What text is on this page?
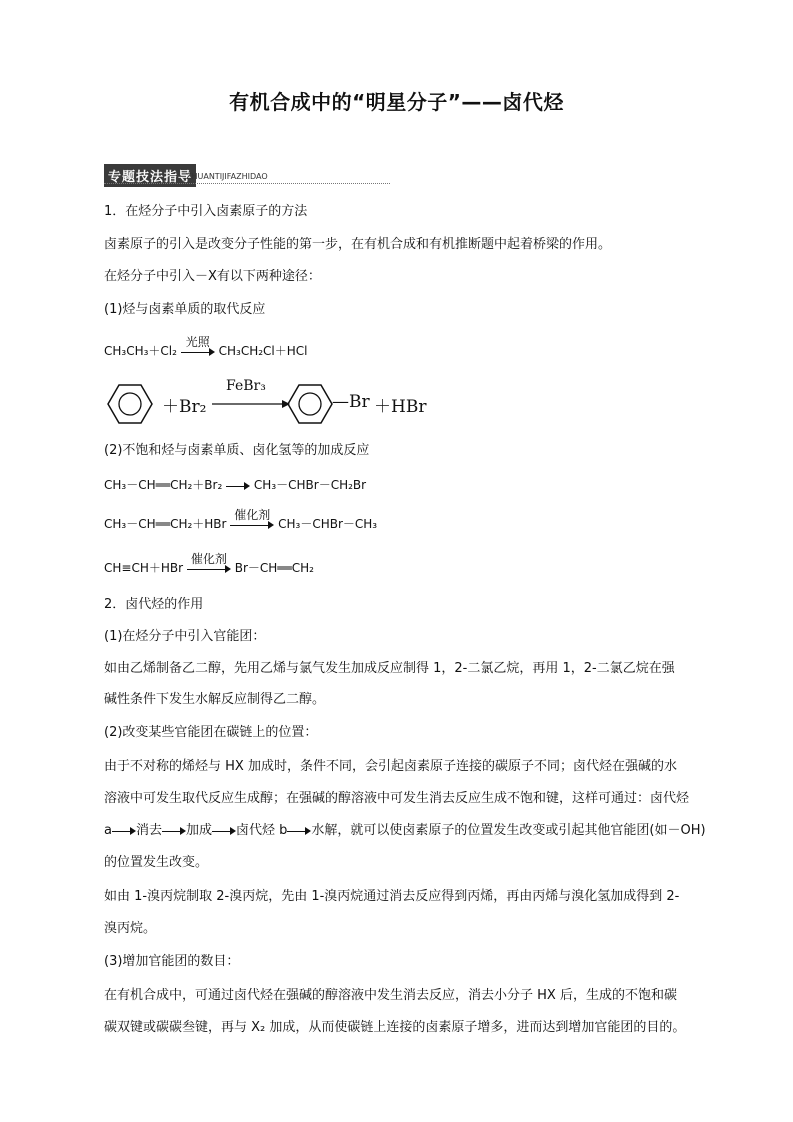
有机合成中的“明星分子”——卤代烃
专题技法指导
ZHUANTIJIFAZHIDAO
1．在烃分子中引入卤素原子的方法
卤素原子的引入是改变分子性能的第一步，在有机合成和有机推断题中起着桥梁的作用。
在烃分子中引入－X有以下两种途径：
(1)烃与卤素单质的取代反应
CH₃CH₃＋Cl₂
光照
CH₃CH₂Cl＋HCl
＋Br₂
FeBr₃
—Br ＋HBr
(2)不饱和烃与卤素单质、卤化氢等的加成反应
CH₃－CH══CH₂＋Br₂	CH₃－CHBr－CH₂Br
CH₃－CH══CH₂＋HBr
催化剂
CH₃－CHBr－CH₃
CH≡CH＋HBr
催化剂
Br－CH══CH₂
2．卤代烃的作用
(1)在烃分子中引入官能团：
如由乙烯制备乙二醇，先用乙烯与氯气发生加成反应制得 1，2-二氯乙烷，再用 1，2-二氯乙烷在强
碱性条件下发生水解反应制得乙二醇。
(2)改变某些官能团在碳链上的位置：
由于不对称的烯烃与 HX 加成时，条件不同，会引起卤素原子连接的碳原子不同；卤代烃在强碱的水
溶液中可发生取代反应生成醇；在强碱的醇溶液中可发生消去反应生成不饱和键，这样可通过：卤代烃
a 消去 加成 卤代烃 b 水解，就可以使卤素原子的位置发生改变或引起其他官能团(如－OH)
的位置发生改变。
如由 1-溴丙烷制取 2-溴丙烷，先由 1-溴丙烷通过消去反应得到丙烯，再由丙烯与溴化氢加成得到 2-
溴丙烷。
(3)增加官能团的数目：
在有机合成中，可通过卤代烃在强碱的醇溶液中发生消去反应，消去小分子 HX 后，生成的不饱和碳
碳双键或碳碳叁键，再与 X₂ 加成，从而使碳链上连接的卤素原子增多，进而达到增加官能团的目的。
